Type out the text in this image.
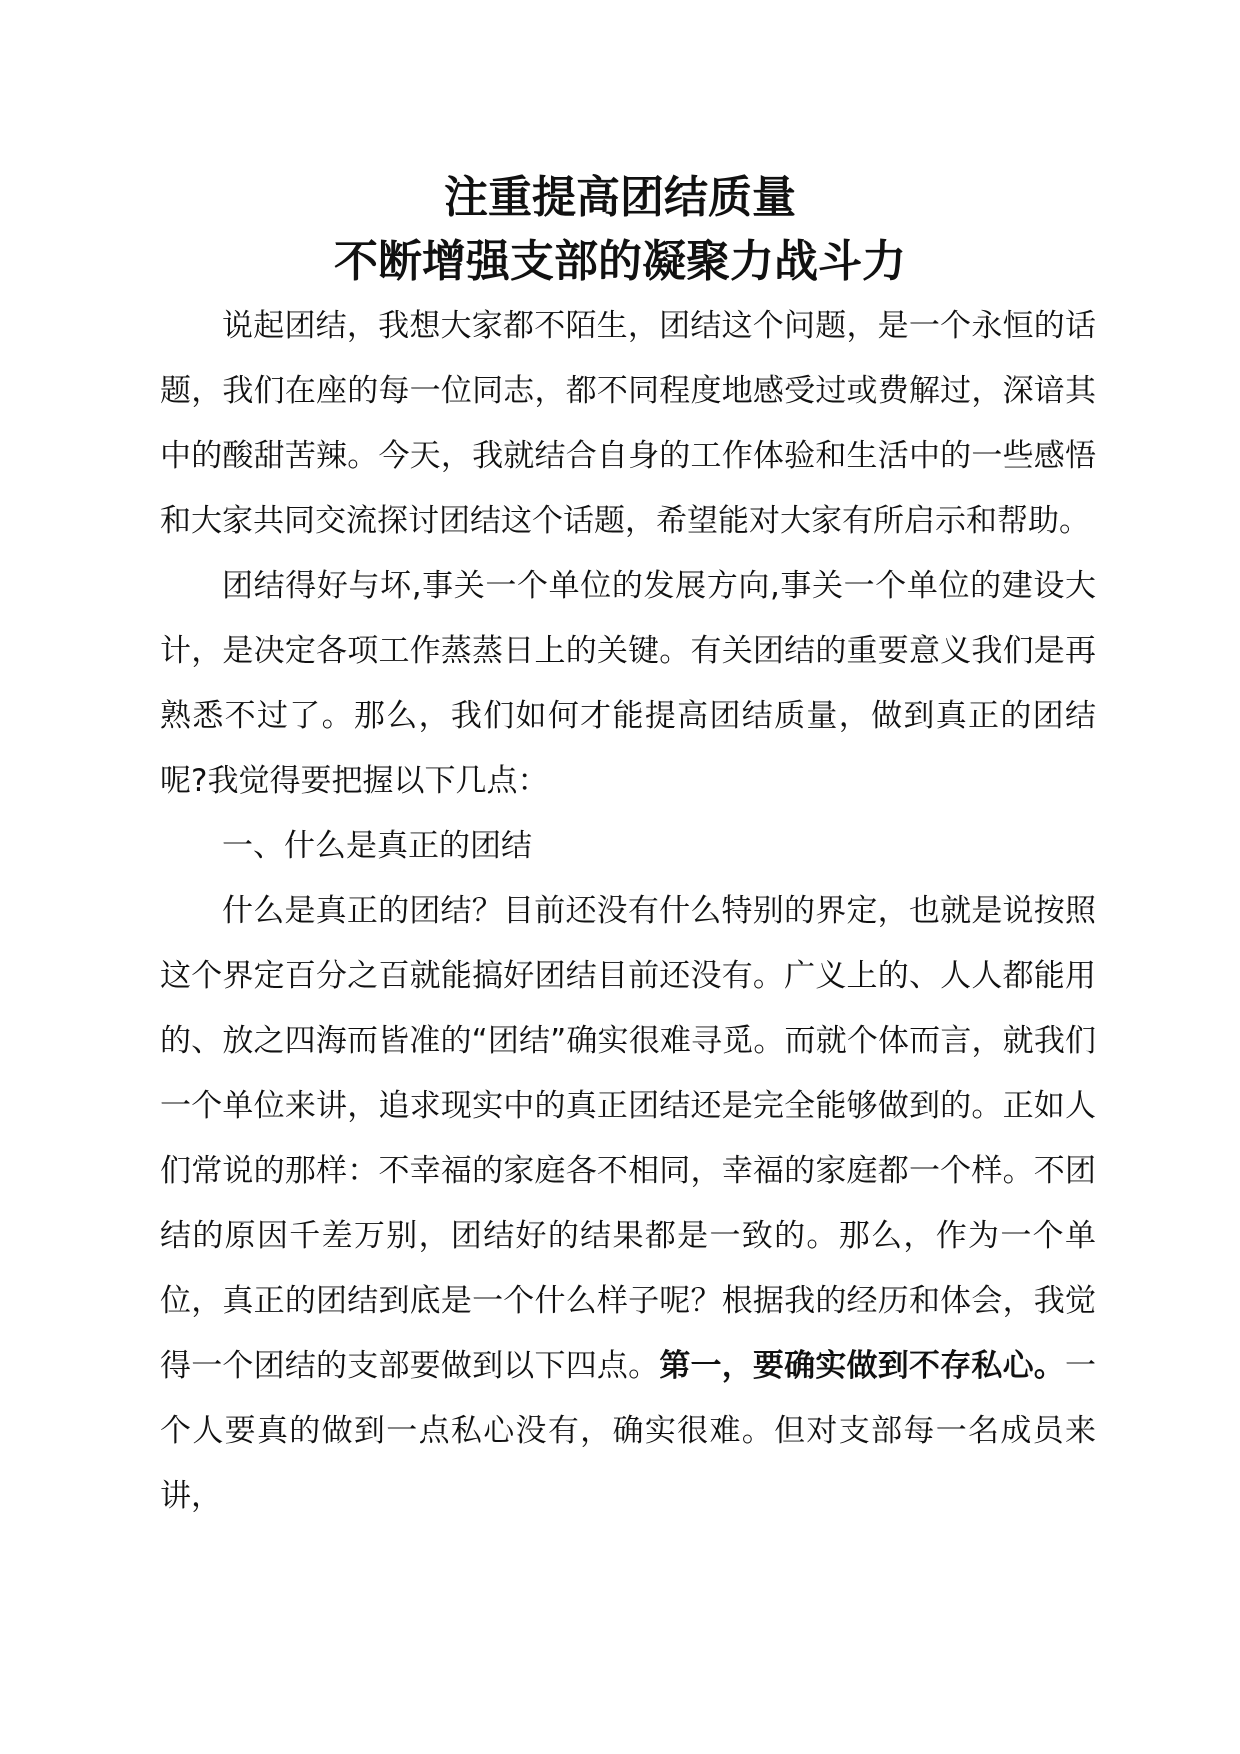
注重提高团结质量
不断增强支部的凝聚力战斗力

说起团结，我想大家都不陌生，团结这个问题，是一个永恒的话题，我们在座的每一位同志，都不同程度地感受过或费解过，深谙其中的酸甜苦辣。今天，我就结合自身的工作体验和生活中的一些感悟和大家共同交流探讨团结这个话题，希望能对大家有所启示和帮助。

团结得好与坏,事关一个单位的发展方向,事关一个单位的建设大计，是决定各项工作蒸蒸日上的关键。有关团结的重要意义我们是再熟悉不过了。那么，我们如何才能提高团结质量，做到真正的团结呢?我觉得要把握以下几点：

一、什么是真正的团结

什么是真正的团结？目前还没有什么特别的界定，也就是说按照这个界定百分之百就能搞好团结目前还没有。广义上的、人人都能用的、放之四海而皆准的“团结”确实很难寻觅。而就个体而言，就我们一个单位来讲，追求现实中的真正团结还是完全能够做到的。正如人们常说的那样：不幸福的家庭各不相同，幸福的家庭都一个样。不团结的原因千差万别，团结好的结果都是一致的。那么，作为一个单位，真正的团结到底是一个什么样子呢？根据我的经历和体会，我觉得一个团结的支部要做到以下四点。第一，要确实做到不存私心。一个人要真的做到一点私心没有，确实很难。但对支部每一名成员来讲，
